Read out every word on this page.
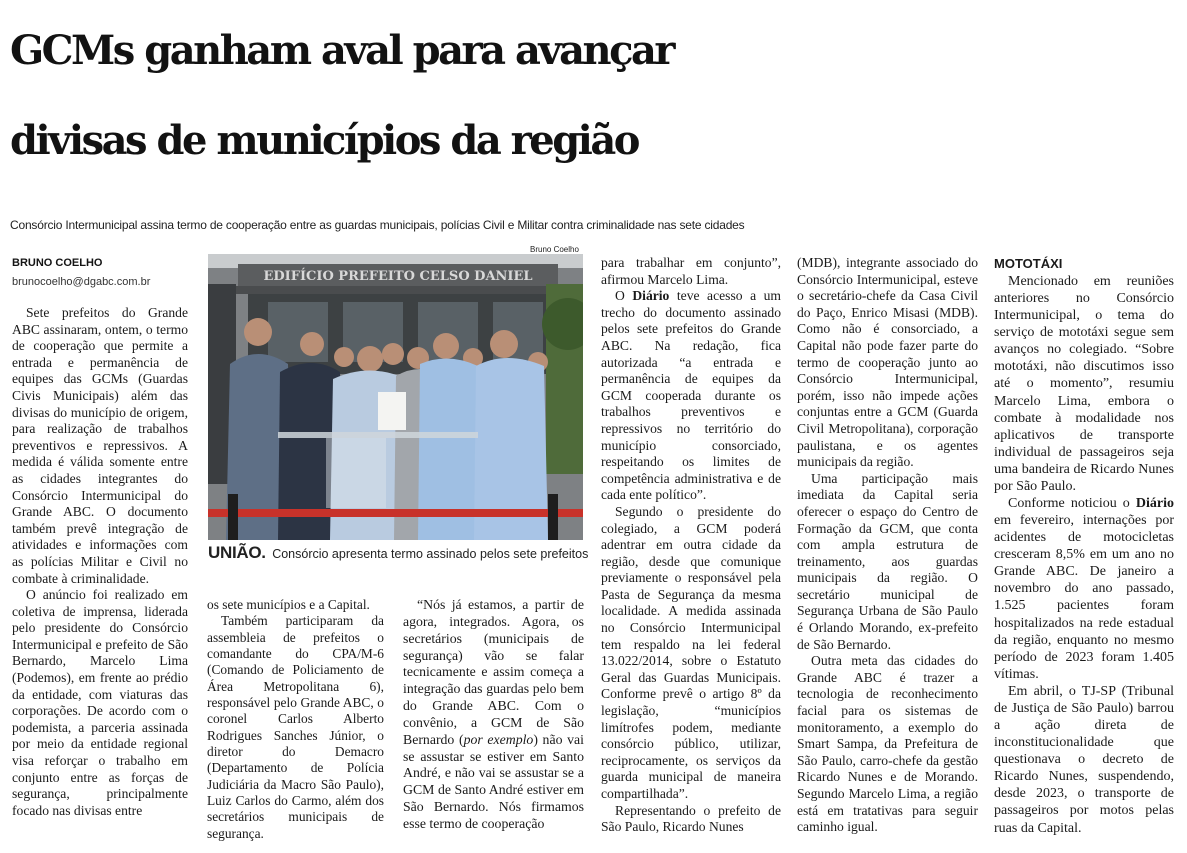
GCMs ganham aval para avançar
divisas de municípios da região
Consórcio Intermunicipal assina termo de cooperação entre as guardas municipais, polícias Civil e Militar contra criminalidade nas sete cidades
BRUNO COELHO
brunocoelho@dgabc.com.br

Sete prefeitos do Grande ABC assinaram, ontem, o termo de cooperação que permite a entrada e permanência de equipes das GCMs (Guardas Civis Municipais) além das divisas do município de origem, para realização de trabalhos preventivos e repressivos. A medida é válida somente entre as cidades integrantes do Consórcio Intermunicipal do Grande ABC. O documento também prevê integração de atividades e informações com as polícias Militar e Civil no combate à criminalidade.

O anúncio foi realizado em coletiva de imprensa, liderada pelo presidente do Consórcio Intermunicipal e prefeito de São Bernardo, Marcelo Lima (Podemos), em frente ao prédio da entidade, com viaturas das corporações. De acordo com o podemista, a parceria assinada por meio da entidade regional visa reforçar o trabalho em conjunto entre as forças de segurança, principalmente focado nas divisas entre

Bruno Coelho
EDIFÍCIO PREFEITO CELSO DANIEL
UNIÃO. Consórcio apresenta termo assinado pelos sete prefeitos

os sete municípios e a Capital.

Também participaram da assembleia de prefeitos o comandante do CPA/M-6 (Comando de Policiamento de Área Metropolitana 6), responsável pelo Grande ABC, o coronel Carlos Alberto Rodrigues Sanches Júnior, o diretor do Demacro (Departamento de Polícia Judiciária da Macro São Paulo), Luiz Carlos do Carmo, além dos secretários municipais de segurança.

“Nós já estamos, a partir de agora, integrados. Agora, os secretários (municipais de segurança) vão se falar tecnicamente e assim começa a integração das guardas pelo bem do Grande ABC. Com o convênio, a GCM de São Bernardo (por exemplo) não vai se assustar se estiver em Santo André, e não vai se assustar se a GCM de Santo André estiver em São Bernardo. Nós firmamos esse termo de cooperação

para trabalhar em conjunto”, afirmou Marcelo Lima.

O Diário teve acesso a um trecho do documento assinado pelos sete prefeitos do Grande ABC. Na redação, fica autorizada “a entrada e permanência de equipes da GCM cooperada durante os trabalhos preventivos e repressivos no território do município consorciado, respeitando os limites de competência administrativa e de cada ente político”.

Segundo o presidente do colegiado, a GCM poderá adentrar em outra cidade da região, desde que comunique previamente o responsável pela Pasta de Segurança da mesma localidade. A medida assinada no Consórcio Intermunicipal tem respaldo na lei federal 13.022/2014, sobre o Estatuto Geral das Guardas Municipais. Conforme prevê o artigo 8º da legislação, “municípios limítrofes podem, mediante consórcio público, utilizar, reciprocamente, os serviços da guarda municipal de maneira compartilhada”.

Representando o prefeito de São Paulo, Ricardo Nunes

(MDB), integrante associado do Consórcio Intermunicipal, esteve o secretário-chefe da Casa Civil do Paço, Enrico Misasi (MDB). Como não é consorciado, a Capital não pode fazer parte do termo de cooperação junto ao Consórcio Intermunicipal, porém, isso não impede ações conjuntas entre a GCM (Guarda Civil Metropolitana), corporação paulistana, e os agentes municipais da região.

Uma participação mais imediata da Capital seria oferecer o espaço do Centro de Formação da GCM, que conta com ampla estrutura de treinamento, aos guardas municipais da região. O secretário municipal de Segurança Urbana de São Paulo é Orlando Morando, ex-prefeito de São Bernardo.

Outra meta das cidades do Grande ABC é trazer a tecnologia de reconhecimento facial para os sistemas de monitoramento, a exemplo do Smart Sampa, da Prefeitura de São Paulo, carro-chefe da gestão Ricardo Nunes e de Morando. Segundo Marcelo Lima, a região está em tratativas para seguir caminho igual.

MOTOTÁXI

Mencionado em reuniões anteriores no Consórcio Intermunicipal, o tema do serviço de mototáxi segue sem avanços no colegiado. “Sobre mototáxi, não discutimos isso até o momento”, resumiu Marcelo Lima, embora o combate à modalidade nos aplicativos de transporte individual de passageiros seja uma bandeira de Ricardo Nunes por São Paulo.

Conforme noticiou o Diário em fevereiro, internações por acidentes de motocicletas cresceram 8,5% em um ano no Grande ABC. De janeiro a novembro do ano passado, 1.525 pacientes foram hospitalizados na rede estadual da região, enquanto no mesmo período de 2023 foram 1.405 vítimas.

Em abril, o TJ-SP (Tribunal de Justiça de São Paulo) barrou a ação direta de inconstitucionalidade que questionava o decreto de Ricardo Nunes, suspendendo, desde 2023, o transporte de passageiros por motos pelas ruas da Capital.
